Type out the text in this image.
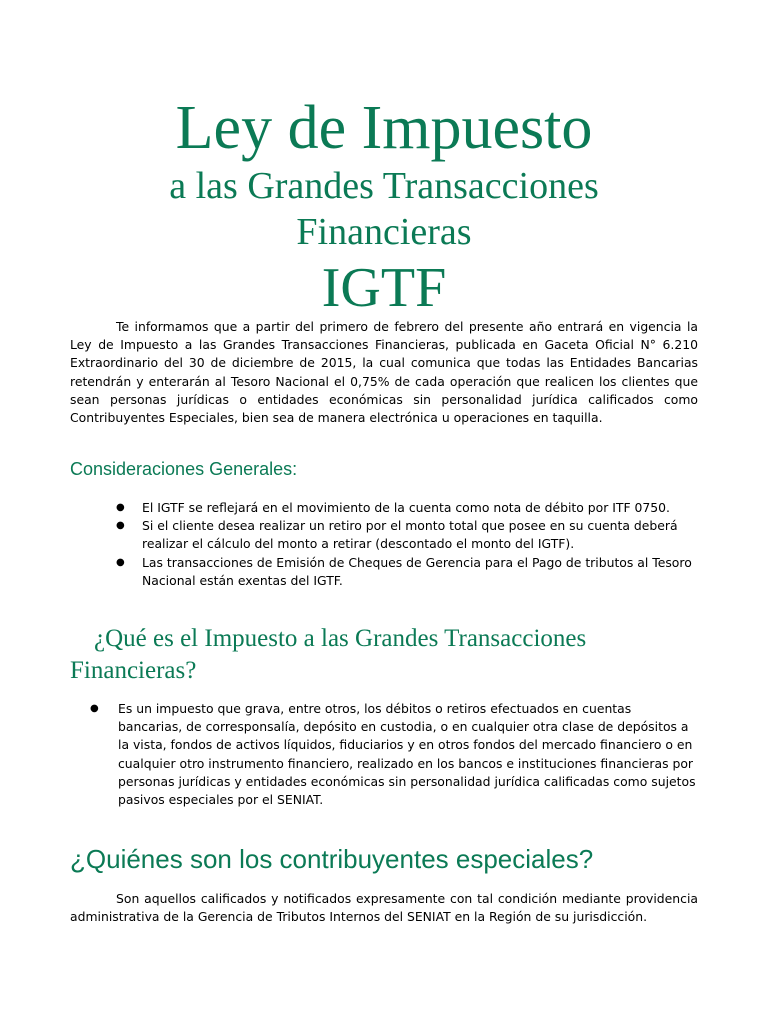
Ley de Impuesto
a las Grandes Transacciones
Financieras
IGTF

Te informamos que a partir del primero de febrero del presente año entrará en vigencia la Ley de Impuesto a las Grandes Transacciones Financieras, publicada en Gaceta Oficial N° 6.210 Extraordinario del 30 de diciembre de 2015, la cual comunica que todas las Entidades Bancarias retendrán y enterarán al Tesoro Nacional el 0,75% de cada operación que realicen los clientes que sean personas jurídicas o entidades económicas sin personalidad jurídica calificados como Contribuyentes Especiales, bien sea de manera electrónica u operaciones en taquilla.

Consideraciones Generales:
● El IGTF se reflejará en el movimiento de la cuenta como nota de débito por ITF 0750.
● Si el cliente desea realizar un retiro por el monto total que posee en su cuenta deberá realizar el cálculo del monto a retirar (descontado el monto del IGTF).
● Las transacciones de Emisión de Cheques de Gerencia para el Pago de tributos al Tesoro Nacional están exentas del IGTF.
¿Qué es el Impuesto a las Grandes Transacciones Financieras?
● Es un impuesto que grava, entre otros, los débitos o retiros efectuados en cuentas bancarias, de corresponsalía, depósito en custodia, o en cualquier otra clase de depósitos a la vista, fondos de activos líquidos, fiduciarios y en otros fondos del mercado financiero o en cualquier otro instrumento financiero, realizado en los bancos e instituciones financieras por personas jurídicas y entidades económicas sin personalidad jurídica calificadas como sujetos pasivos especiales por el SENIAT.
¿Quiénes son los contribuyentes especiales?

Son aquellos calificados y notificados expresamente con tal condición mediante providencia administrativa de la Gerencia de Tributos Internos del SENIAT en la Región de su jurisdicción.
